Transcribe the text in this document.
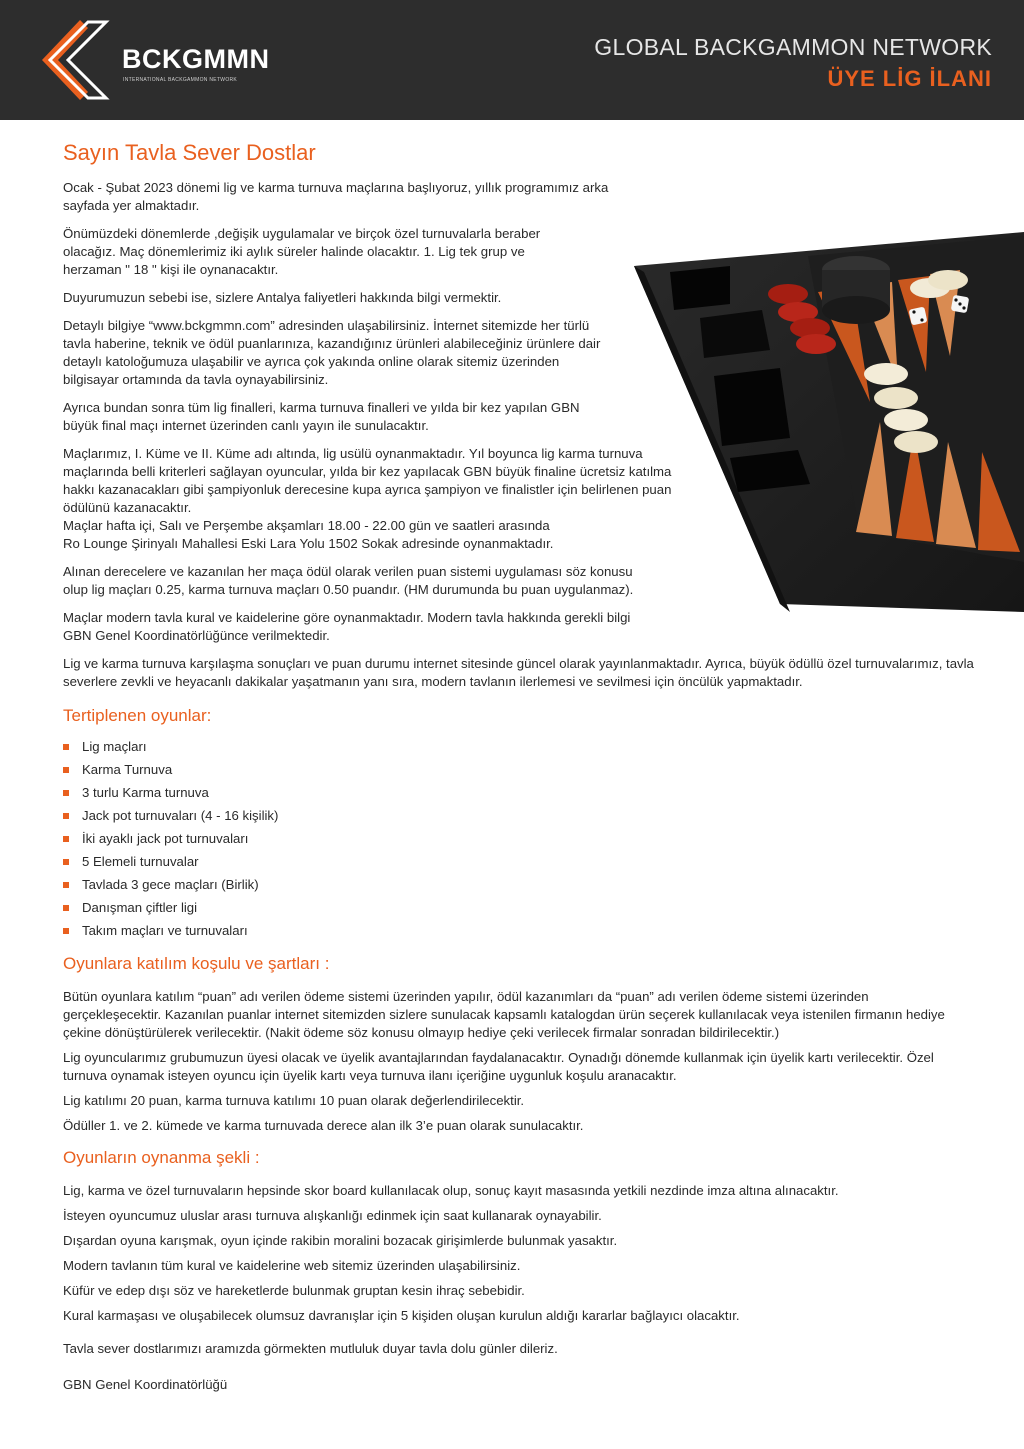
BCKGMMN
INTERNATIONAL BACKGAMMON NETWORK
GLOBAL BACKGAMMON NETWORK
ÜYE LİG İLANI
Sayın Tavla Sever Dostlar

Ocak - Şubat 2023 dönemi lig ve karma turnuva maçlarına başlıyoruz, yıllık programımız arka sayfada yer almaktadır.

Önümüzdeki dönemlerde ,değişik uygulamalar ve birçok özel turnuvalarla beraber olacağız. Maç dönemlerimiz iki aylık süreler halinde olacaktır. 1. Lig tek grup ve herzaman " 18 " kişi ile oynanacaktır.

Duyurumuzun sebebi ise, sizlere Antalya faliyetleri hakkında bilgi vermektir.

Detaylı bilgiye “www.bckgmmn.com” adresinden ulaşabilirsiniz. İnternet sitemizde her türlü tavla haberine, teknik ve ödül puanlarınıza, kazandığınız ürünleri alabileceğiniz ürünlere dair detaylı katoloğumuza ulaşabilir ve ayrıca çok yakında online olarak sitemiz üzerinden bilgisayar ortamında da tavla oynayabilirsiniz.

Ayrıca bundan sonra tüm lig finalleri, karma turnuva finalleri ve yılda bir kez yapılan GBN büyük final maçı internet üzerinden canlı yayın ile sunulacaktır.

Maçlarımız, I. Küme ve II. Küme adı altında, lig usülü oynanmaktadır. Yıl boyunca lig karma turnuva maçlarında belli kriterleri sağlayan oyuncular, yılda bir kez yapılacak GBN büyük finaline ücretsiz katılma hakkı kazanacakları gibi şampiyonluk derecesine kupa ayrıca şampiyon ve finalistler için belirlenen puan ödülünü kazanacaktır.

Maçlar hafta içi, Salı ve Perşembe akşamları 18.00 - 22.00 gün ve saatleri arasında

Ro Lounge Şirinyalı Mahallesi Eski Lara Yolu 1502 Sokak adresinde oynanmaktadır.

Alınan derecelere ve kazanılan her maça ödül olarak verilen puan sistemi uygulaması söz konusu olup lig maçları 0.25, karma turnuva maçları 0.50 puandır. (HM durumunda bu puan uygulanmaz).

Maçlar modern tavla kural ve kaidelerine göre oynanmaktadır. Modern tavla hakkında gerekli bilgi GBN Genel Koordinatörlüğünce verilmektedir.

Lig ve karma turnuva karşılaşma sonuçları ve puan durumu internet sitesinde güncel olarak yayınlanmaktadır. Ayrıca, büyük ödüllü özel turnuvalarımız, tavla severlere zevkli ve heyacanlı dakikalar yaşatmanın yanı sıra, modern tavlanın ilerlemesi ve sevilmesi için öncülük yapmaktadır.

Tertiplenen oyunlar:
Lig maçları
Karma Turnuva
3 turlu Karma turnuva
Jack pot turnuvaları (4 - 16 kişilik)
İki ayaklı jack pot turnuvaları
5 Elemeli turnuvalar
Tavlada 3 gece maçları (Birlik)
Danışman çiftler ligi
Takım maçları ve turnuvaları
Oyunlara katılım koşulu ve şartları :

Bütün oyunlara katılım “puan” adı verilen ödeme sistemi üzerinden yapılır, ödül kazanımları da “puan” adı verilen ödeme sistemi üzerinden gerçekleşecektir. Kazanılan puanlar internet sitemizden sizlere sunulacak kapsamlı katalogdan ürün seçerek kullanılacak veya istenilen firmanın hediye çekine dönüştürülerek verilecektir. (Nakit ödeme söz konusu olmayıp hediye çeki verilecek firmalar sonradan bildirilecektir.)

Lig oyuncularımız grubumuzun üyesi olacak ve üyelik avantajlarından faydalanacaktır. Oynadığı dönemde kullanmak için üyelik kartı verilecektir. Özel turnuva oynamak isteyen oyuncu için üyelik kartı veya turnuva ilanı içeriğine uygunluk koşulu aranacaktır.

Lig katılımı 20 puan, karma turnuva katılımı 10 puan olarak değerlendirilecektir.

Ödüller 1. ve 2. kümede ve karma turnuvada derece alan ilk 3’e puan olarak sunulacaktır.

Oyunların oynanma şekli :

Lig, karma ve özel turnuvaların hepsinde skor board kullanılacak olup, sonuç kayıt masasında yetkili nezdinde imza altına alınacaktır.

İsteyen oyuncumuz uluslar arası turnuva alışkanlığı edinmek için saat kullanarak oynayabilir.

Dışardan oyuna karışmak, oyun içinde rakibin moralini bozacak girişimlerde bulunmak yasaktır.

Modern tavlanın tüm kural ve kaidelerine web sitemiz üzerinden ulaşabilirsiniz.

Küfür ve edep dışı söz ve hareketlerde bulunmak gruptan kesin ihraç sebebidir.

Kural karmaşası ve oluşabilecek olumsuz davranışlar için 5 kişiden oluşan kurulun aldığı kararlar bağlayıcı olacaktır.

Tavla sever dostlarımızı aramızda görmekten mutluluk duyar tavla dolu günler dileriz.

GBN Genel Koordinatörlüğü
